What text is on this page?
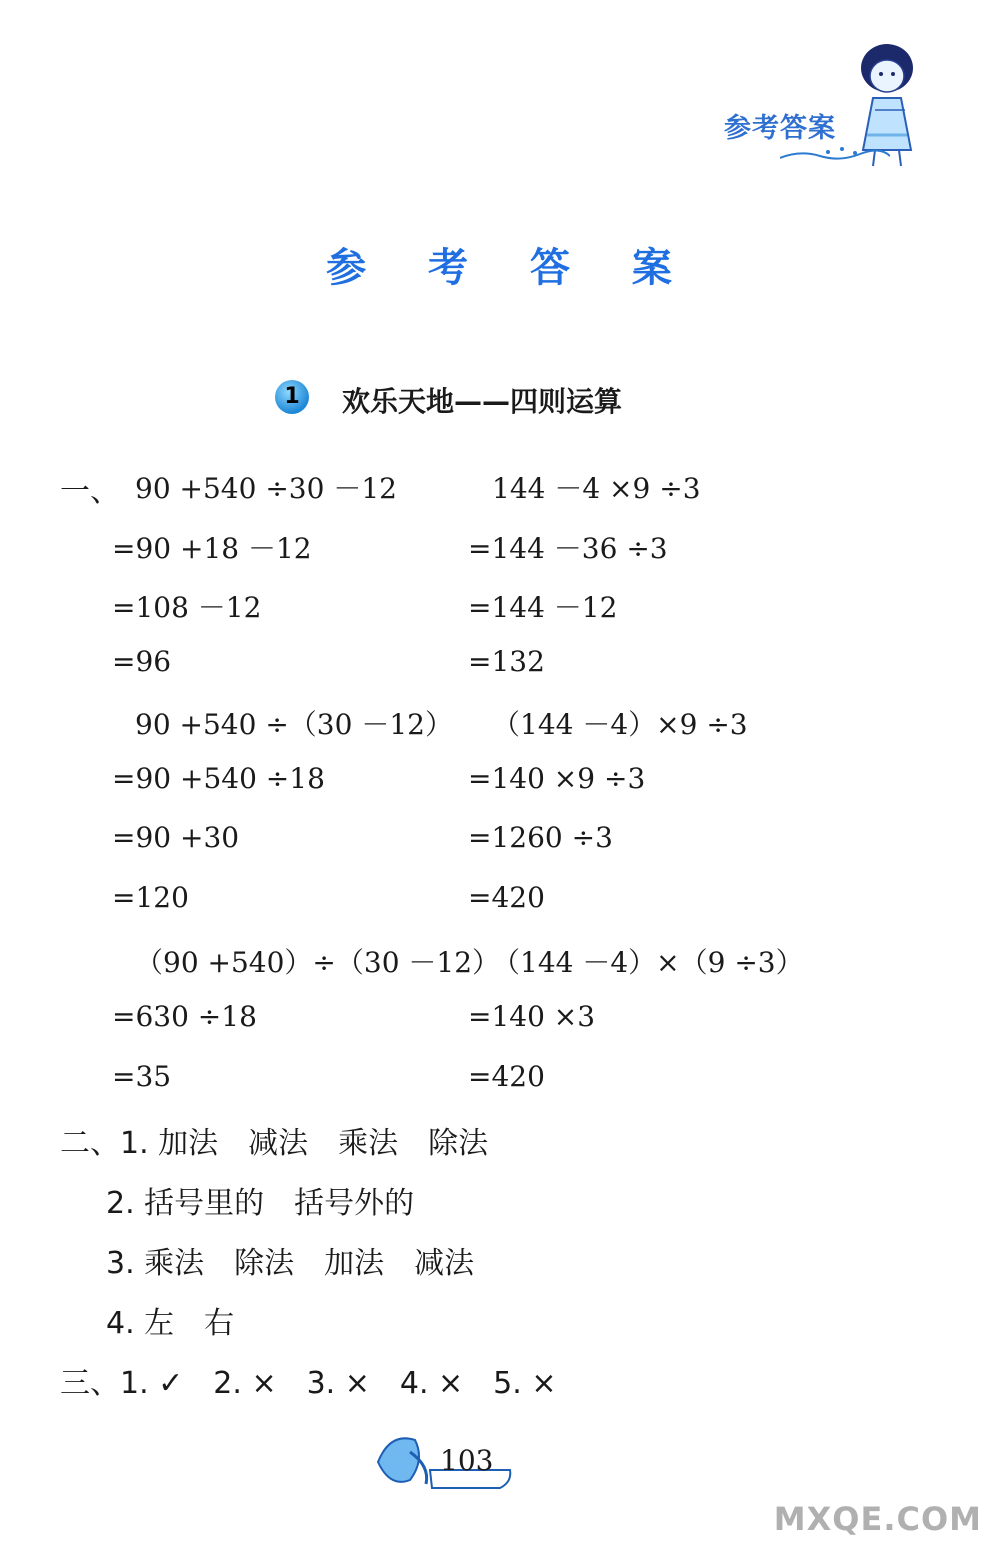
参考答案
参 考 答 案
1	欢乐天地——四则运算
一、 90 +540 ÷30 －12
=90 +18 －12
=108 －12
=96
90 +540 ÷（30 －12）
=90 +540 ÷18
=90 +30
=120
（90 +540）÷（30 －12）
=630 ÷18
=35
144 －4 ×9 ÷3
=144 －36 ÷3
=144 －12
=132
（144 －4）×9 ÷3
=140 ×9 ÷3
=1260 ÷3
=420
（144 －4）×（9 ÷3）
=140 ×3
=420
二、1. 加法　减法　乘法　除法
2. 括号里的　括号外的
3. 乘法　除法　加法　减法
4. 左　右
三、1. ✓　2. ×　3. ×　4. ×　5. ×
103
MXQE.COM
